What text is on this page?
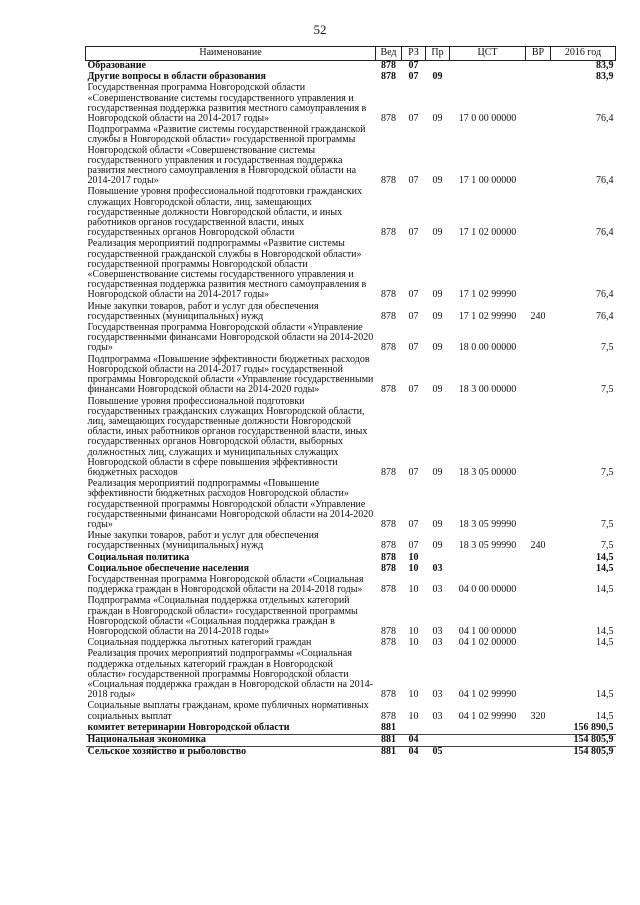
52
Наименование	Вед	РЗ	Пр	ЦСТ	ВР	2016 год
Образование	878	07				83,9
Другие вопросы в области образования	878	07	09			83,9
Государственная программа Новгородской области «Совершенствование системы государственного управления и государственная поддержка развития местного самоуправления в Новгородской области на 2014-2017 годы»	878	07	09	17 0 00 00000		76,4
Подпрограмма «Развитие системы государственной гражданской службы в Новгородской области» государственной программы Новгородской области «Совершенствование системы государственного управления и государственная поддержка развития местного самоуправления в Новгородской области на 2014-2017 годы»	878	07	09	17 1 00 00000		76,4
Повышение уровня профессиональной подготовки гражданских служащих Новгородской области, лиц, замещающих государственные должности Новгородской области, и иных работников органов государственной власти, иных государственных органов Новгородской области	878	07	09	17 1 02 00000		76,4
Реализация мероприятий подпрограммы «Развитие системы государственной гражданской службы в Новгородской области» государственной программы Новгородской области «Совершенствование системы государственного управления и государственная поддержка развития местного самоуправления в Новгородской области на 2014-2017 годы»	878	07	09	17 1 02 99990		76,4
Иные закупки товаров, работ и услуг для обеспечения государственных (муниципальных) нужд	878	07	09	17 1 02 99990	240	76,4
Государственная программа Новгородской области «Управление государственными финансами Новгородской области на 2014-2020 годы»	878	07	09	18 0 00 00000		7,5
Подпрограмма «Повышение эффективности бюджетных расходов Новгородской области на 2014-2017 годы» государственной программы Новгородской области «Управление государственными финансами Новгородской области на 2014-2020 годы»	878	07	09	18 3 00 00000		7,5
Повышение уровня профессиональной подготовки государственных гражданских служащих Новгородской области, лиц, замещающих государственные должности Новгородской области, иных работников органов государственной власти, иных государственных органов Новгородской области, выборных должностных лиц, служащих и муниципальных служащих Новгородской области в сфере повышения эффективности бюджетных расходов	878	07	09	18 3 05 00000		7,5
Реализация мероприятий подпрограммы «Повышение эффективности бюджетных расходов Новгородской области» государственной программы Новгородской области «Управление государственными финансами Новгородской области на 2014-2020 годы»	878	07	09	18 3 05 99990		7,5
Иные закупки товаров, работ и услуг для обеспечения государственных (муниципальных) нужд	878	07	09	18 3 05 99990	240	7,5
Социальная политика	878	10				14,5
Социальное обеспечение населения	878	10	03			14,5
Государственная программа Новгородской области «Социальная поддержка граждан в Новгородской области на 2014-2018 годы»	878	10	03	04 0 00 00000		14,5
Подпрограмма «Социальная поддержка отдельных категорий граждан в Новгородской области» государственной программы Новгородской области «Социальная поддержка граждан в Новгородской области на 2014-2018 годы»	878	10	03	04 1 00 00000		14,5
Социальная поддержка льготных категорий граждан	878	10	03	04 1 02 00000		14,5
Реализация прочих мероприятий подпрограммы «Социальная поддержка отдельных категорий граждан в Новгородской области» государственной программы Новгородской области «Социальная поддержка граждан в Новгородской области на 2014-2018 годы»	878	10	03	04 1 02 99990		14,5
Социальные выплаты гражданам, кроме публичных нормативных социальных выплат	878	10	03	04 1 02 99990	320	14,5
комитет ветеринарии Новгородской области	881					156 890,5
Национальная экономика	881	04				154 805,9
Сельское хозяйство и рыболовство	881	04	05			154 805,9
